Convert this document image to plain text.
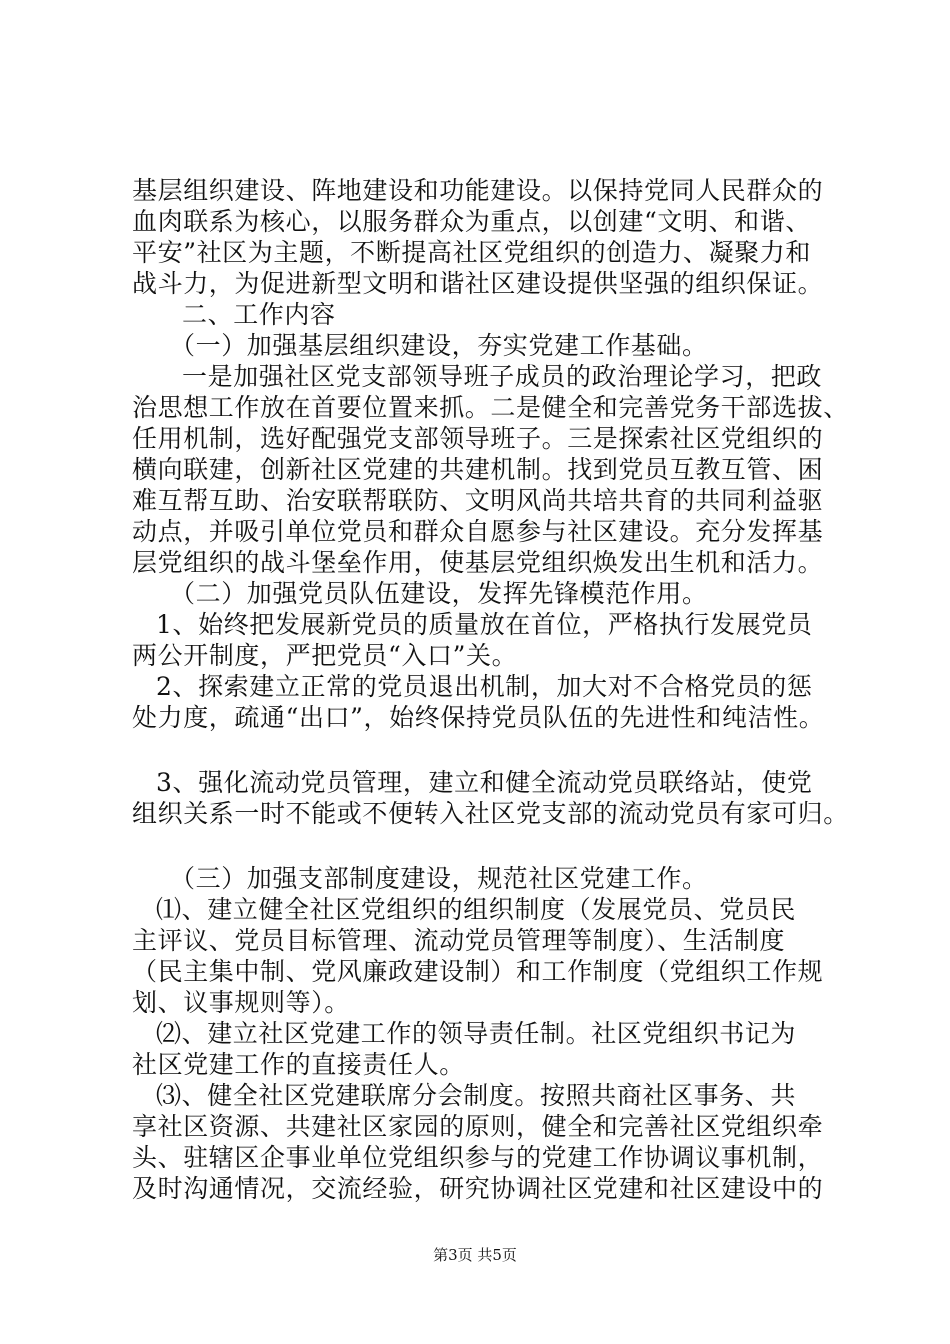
基层组织建设、阵地建设和功能建设。以保持党同人民群众的
血肉联系为核心，以服务群众为重点，以创建“文明、和谐、
平安”社区为主题，不断提高社区党组织的创造力、凝聚力和
战斗力，为促进新型文明和谐社区建设提供坚强的组织保证。
二、工作内容
（一）加强基层组织建设，夯实党建工作基础。
一是加强社区党支部领导班子成员的政治理论学习，把政
治思想工作放在首要位置来抓。二是健全和完善党务干部选拔、
任用机制，选好配强党支部领导班子。三是探索社区党组织的
横向联建，创新社区党建的共建机制。找到党员互教互管、困
难互帮互助、治安联帮联防、文明风尚共培共育的共同利益驱
动点，并吸引单位党员和群众自愿参与社区建设。充分发挥基
层党组织的战斗堡垒作用，使基层党组织焕发出生机和活力。
（二）加强党员队伍建设，发挥先锋模范作用。
1、始终把发展新党员的质量放在首位，严格执行发展党员
两公开制度，严把党员“入口”关。
2、探索建立正常的党员退出机制，加大对不合格党员的惩
处力度，疏通“出口”，始终保持党员队伍的先进性和纯洁性。
3、强化流动党员管理，建立和健全流动党员联络站，使党
组织关系一时不能或不便转入社区党支部的流动党员有家可归。
（三）加强支部制度建设，规范社区党建工作。
⑴、建立健全社区党组织的组织制度（发展党员、党员民
主评议、党员目标管理、流动党员管理等制度）、生活制度
（民主集中制、党风廉政建设制）和工作制度（党组织工作规
划、议事规则等）。
⑵、建立社区党建工作的领导责任制。社区党组织书记为
社区党建工作的直接责任人。
⑶、健全社区党建联席分会制度。按照共商社区事务、共
享社区资源、共建社区家园的原则，健全和完善社区党组织牵
头、驻辖区企事业单位党组织参与的党建工作协调议事机制，
及时沟通情况，交流经验，研究协调社区党建和社区建设中的
第3页 共5页
